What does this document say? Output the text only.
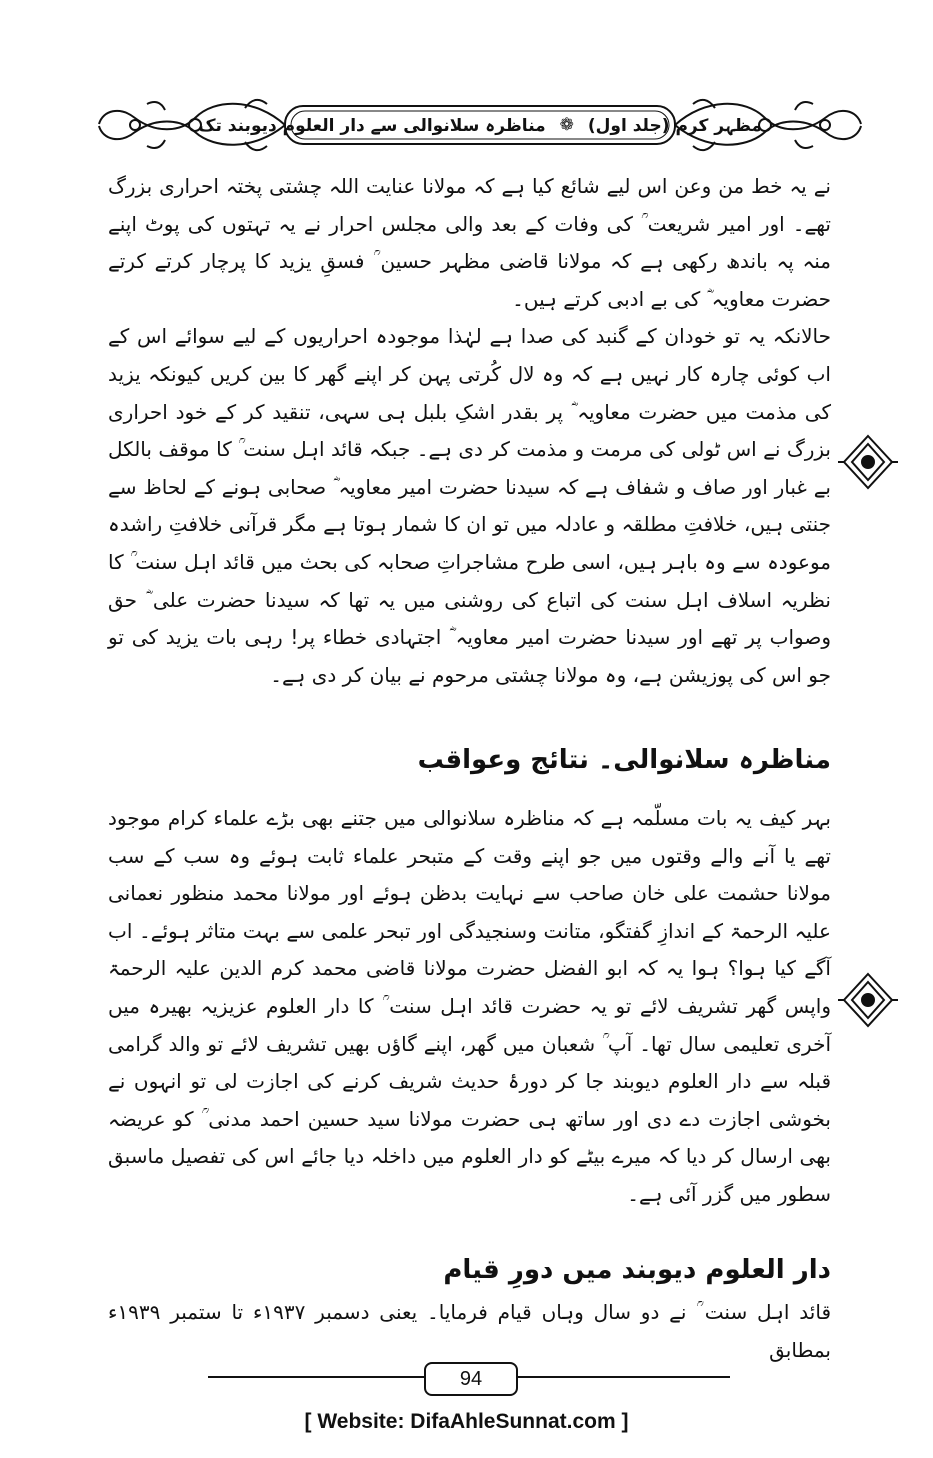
مظہر کرم (جلد اول)
❁
مناظرہ سلانوالی سے دار العلوم دیوبند تک

نے یہ خط من وعن اس لیے شائع کیا ہے کہ مولانا عنایت اللہ چشتی پختہ احراری بزرگ تھے۔ اور امیر شریعت ؒ کی وفات کے بعد والی مجلس احرار نے یہ تہتوں کی پوٹ اپنے منہ پہ باندھ رکھی ہے کہ مولانا قاضی مظہر حسین ؒ فسقِ یزید کا پرچار کرتے کرتے حضرت معاویہ ؓ کی بے ادبی کرتے ہیں۔

حالانکہ یہ تو خودان کے گنبد کی صدا ہے لہٰذا موجودہ احراریوں کے لیے سوائے اس کے اب کوئی چارہ کار نہیں ہے کہ وہ لال کُرتی پہن کر اپنے گھر کا بین کریں کیونکہ یزید کی مذمت میں حضرت معاویہ ؓ پر بقدر اشکِ بلبل ہی سہی، تنقید کر کے خود احراری بزرگ نے اس ٹولی کی مرمت و مذمت کر دی ہے۔ جبکہ قائد اہل سنت ؒ کا موقف بالکل بے غبار اور صاف و شفاف ہے کہ سیدنا حضرت امیر معاویہ ؓ صحابی ہونے کے لحاظ سے جنتی ہیں، خلافتِ مطلقہ و عادلہ میں تو ان کا شمار ہوتا ہے مگر قرآنی خلافتِ راشدہ موعودہ سے وہ باہر ہیں، اسی طرح مشاجراتِ صحابہ کی بحث میں قائد اہل سنت ؒ کا نظریہ اسلاف اہل سنت کی اتباع کی روشنی میں یہ تھا کہ سیدنا حضرت علی ؓ حق وصواب پر تھے اور سیدنا حضرت امیر معاویہ ؓ اجتہادی خطاء پر! رہی بات یزید کی تو جو اس کی پوزیشن ہے، وہ مولانا چشتی مرحوم نے بیان کر دی ہے۔

مناظرہ سلانوالی۔ نتائج وعواقب

بہر کیف یہ بات مسلّمہ ہے کہ مناظرہ سلانوالی میں جتنے بھی بڑے علماء کرام موجود تھے یا آنے والے وقتوں میں جو اپنے وقت کے متبحر علماء ثابت ہوئے وہ سب کے سب مولانا حشمت علی خان صاحب سے نہایت بدظن ہوئے اور مولانا محمد منظور نعمانی علیہ الرحمۃ کے اندازِ گفتگو، متانت وسنجیدگی اور تبحر علمی سے بہت متاثر ہوئے۔ اب آگے کیا ہوا؟ ہوا یہ کہ ابو الفضل حضرت مولانا قاضی محمد کرم الدین علیہ الرحمۃ واپس گھر تشریف لائے تو یہ حضرت قائد اہل سنت ؒ کا دار العلوم عزیزیہ بھیرہ میں آخری تعلیمی سال تھا۔ آپ ؒ شعبان میں گھر، اپنے گاؤں بھیں تشریف لائے تو والد گرامی قبلہ سے دار العلوم دیوبند جا کر دورۂ حدیث شریف کرنے کی اجازت لی تو انہوں نے بخوشی اجازت دے دی اور ساتھ ہی حضرت مولانا سید حسین احمد مدنی ؒ کو عریضہ بھی ارسال کر دیا کہ میرے بیٹے کو دار العلوم میں داخلہ دیا جائے اس کی تفصیل ماسبق سطور میں گزر آئی ہے۔

دار العلوم دیوبند میں دورِ قیام

قائد اہل سنت ؒ نے دو سال وہاں قیام فرمایا۔ یعنی دسمبر ۱۹۳۷ء تا ستمبر ۱۹۳۹ء بمطابق

94
[ Website: DifaAhleSunnat.com ]
